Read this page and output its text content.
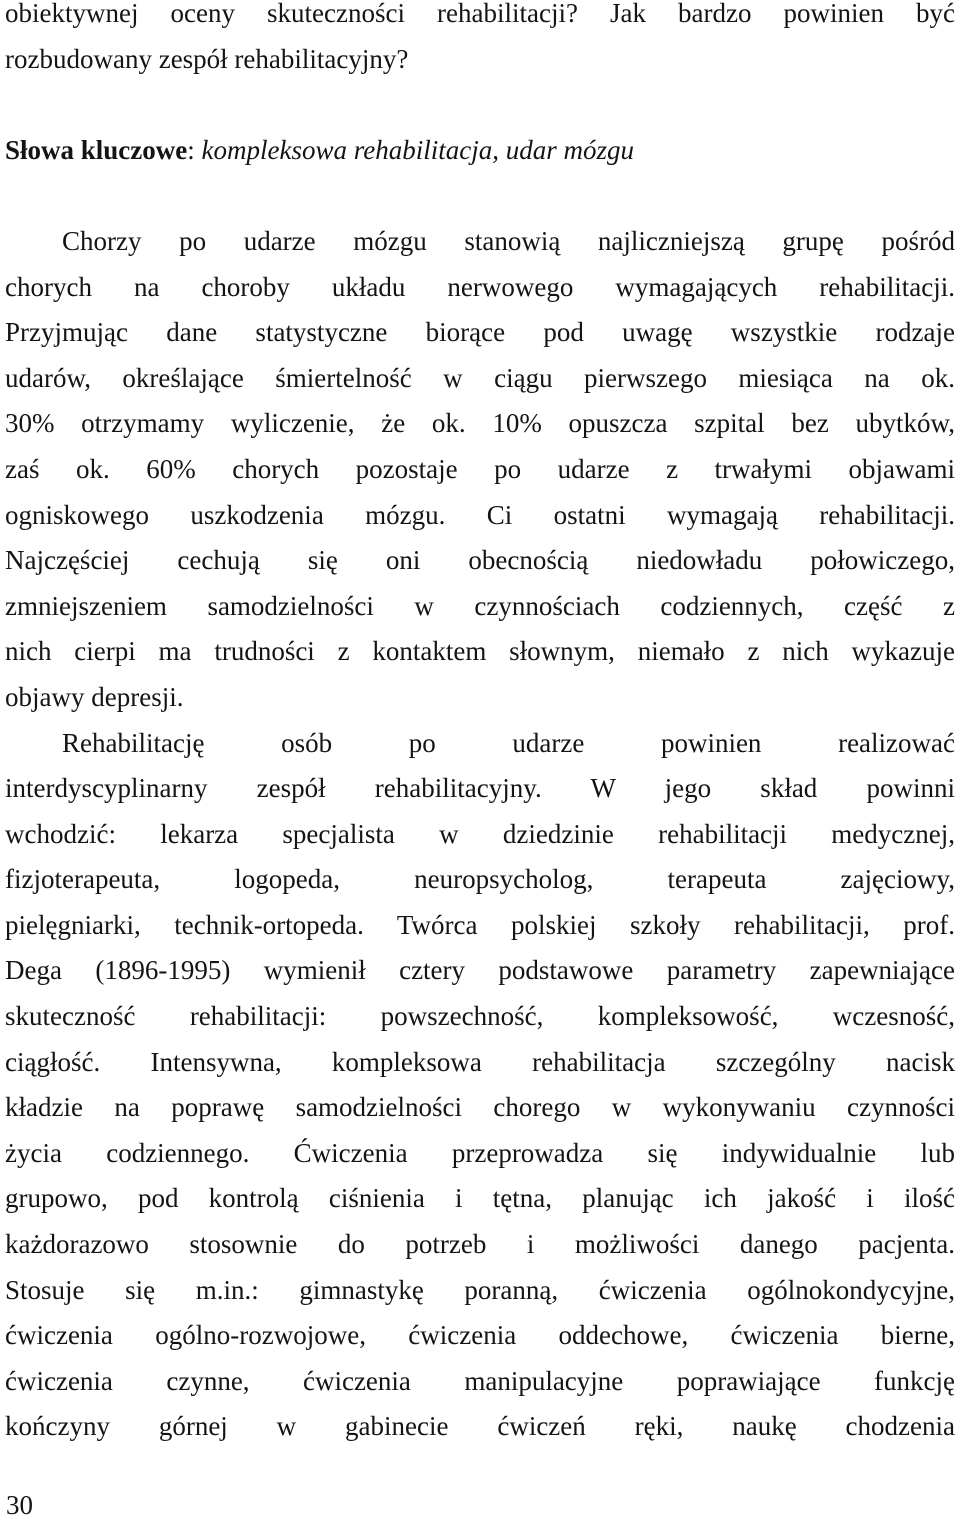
obiektywnej oceny skuteczności rehabilitacji? Jak bardzo powinien być
rozbudowany zespół rehabilitacyjny?
Słowa kluczowe: kompleksowa rehabilitacja, udar mózgu
Chorzy po udarze mózgu stanowią najliczniejszą grupę pośród
chorych na choroby układu nerwowego wymagających rehabilitacji.
Przyjmując dane statystyczne biorące pod uwagę wszystkie rodzaje
udarów, określające śmiertelność w ciągu pierwszego miesiąca na ok.
30% otrzymamy wyliczenie, że ok. 10% opuszcza szpital bez ubytków,
zaś ok. 60% chorych pozostaje po udarze z trwałymi objawami
ogniskowego uszkodzenia mózgu. Ci ostatni wymagają rehabilitacji.
Najczęściej cechują się oni obecnością niedowładu połowiczego,
zmniejszeniem samodzielności w czynnościach codziennych, część z
nich cierpi ma trudności z kontaktem słownym, niemało z nich wykazuje
objawy depresji.
Rehabilitację osób po udarze powinien realizować
interdyscyplinarny zespół rehabilitacyjny. W jego skład powinni
wchodzić: lekarza specjalista w dziedzinie rehabilitacji medycznej,
fizjoterapeuta, logopeda, neuropsycholog, terapeuta zajęciowy,
pielęgniarki, technik-ortopeda. Twórca polskiej szkoły rehabilitacji, prof.
Dega (1896-1995) wymienił cztery podstawowe parametry zapewniające
skuteczność rehabilitacji: powszechność, kompleksowość, wczesność,
ciągłość. Intensywna, kompleksowa rehabilitacja szczególny nacisk
kładzie na poprawę samodzielności chorego w wykonywaniu czynności
życia codziennego. Ćwiczenia przeprowadza się indywidualnie lub
grupowo, pod kontrolą ciśnienia i tętna, planując ich jakość i ilość
każdorazowo stosownie do potrzeb i możliwości danego pacjenta.
Stosuje się m.in.: gimnastykę poranną, ćwiczenia ogólnokondycyjne,
ćwiczenia ogólno-rozwojowe, ćwiczenia oddechowe, ćwiczenia bierne,
ćwiczenia czynne, ćwiczenia manipulacyjne poprawiające funkcję
kończyny górnej w gabinecie ćwiczeń ręki, naukę chodzenia
30
